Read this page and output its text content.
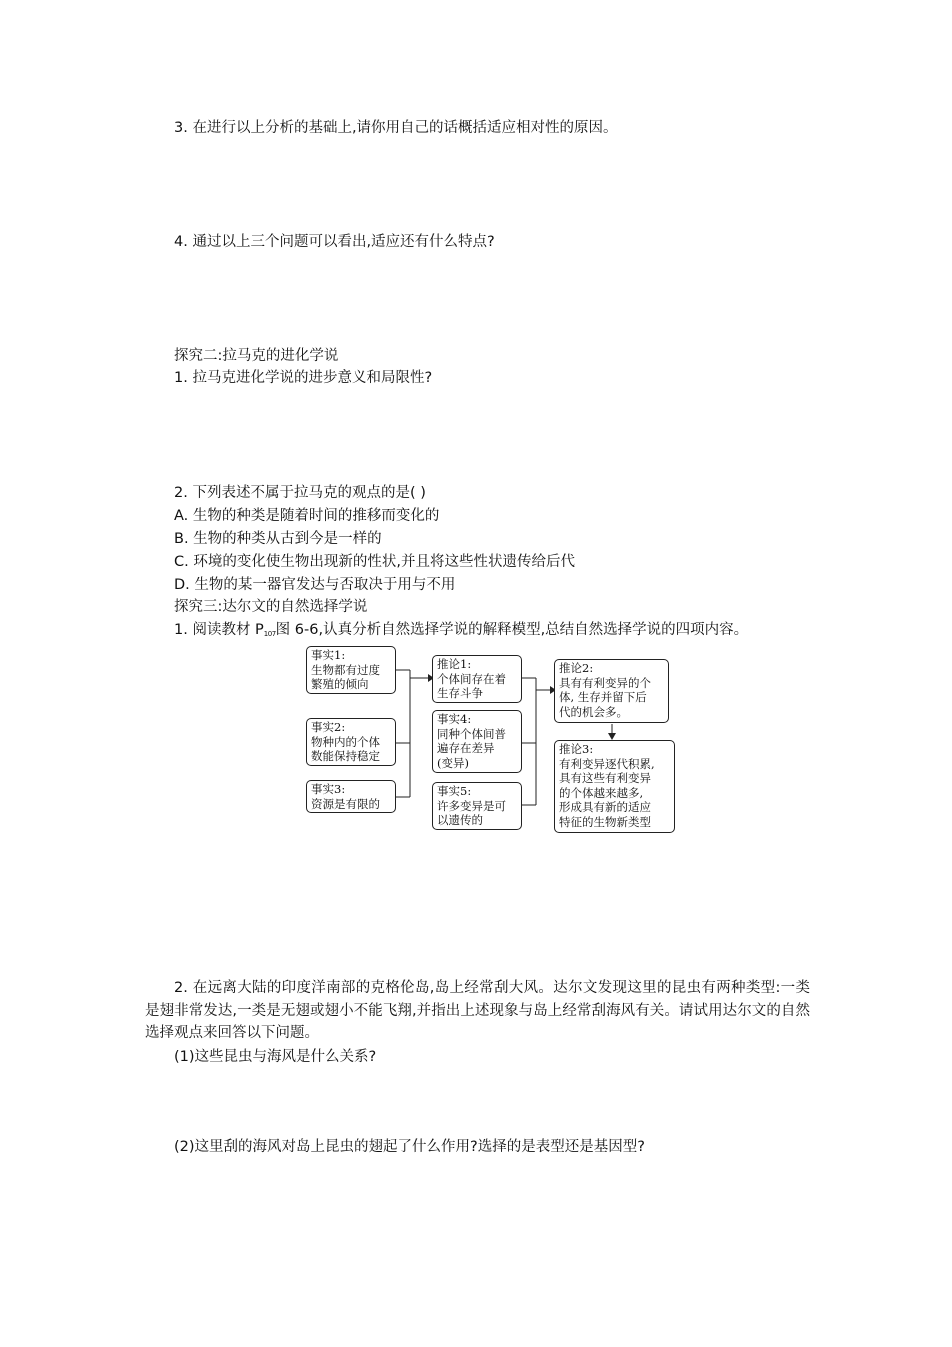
3. 在进行以上分析的基础上,请你用自己的话概括适应相对性的原因。
4. 通过以上三个问题可以看出,适应还有什么特点?
探究二:拉马克的进化学说
1. 拉马克进化学说的进步意义和局限性?
2. 下列表述不属于拉马克的观点的是( )
A. 生物的种类是随着时间的推移而变化的
B. 生物的种类从古到今是一样的
C. 环境的变化使生物出现新的性状,并且将这些性状遗传给后代
D. 生物的某一器官发达与否取决于用与不用
探究三:达尔文的自然选择学说
1. 阅读教材 P107图 6-6,认真分析自然选择学说的解释模型,总结自然选择学说的四项内容。
事实1:
生物都有过度
繁殖的倾向
事实2:
物种内的个体
数能保持稳定
事实3:
资源是有限的
推论1:
个体间存在着
生存斗争
事实4:
同种个体间普
遍存在差异
(变异)
事实5:
许多变异是可
以遗传的
推论2:
具有有利变异的个
体, 生存并留下后
代的机会多。
推论3:
有利变异逐代积累,
具有这些有利变异
的个体越来越多,
形成具有新的适应
特征的生物新类型
2. 在远离大陆的印度洋南部的克格伦岛,岛上经常刮大风。达尔文发现这里的昆虫有两种类型:一类是翅非常发达,一类是无翅或翅小不能飞翔,并指出上述现象与岛上经常刮海风有关。请试用达尔文的自然选择观点来回答以下问题。
(1)这些昆虫与海风是什么关系?
(2)这里刮的海风对岛上昆虫的翅起了什么作用?选择的是表型还是基因型?
